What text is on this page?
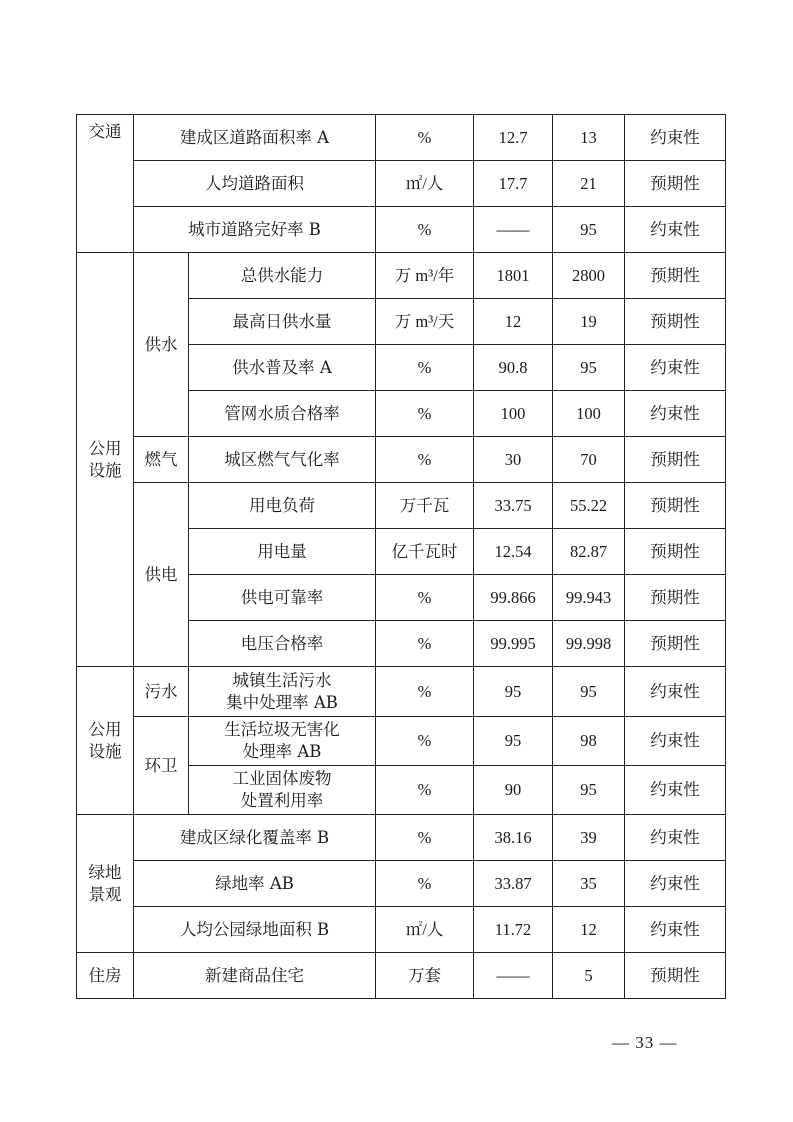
交通	建成区道路面积率 A		%	12.7	13	约束性
	人均道路面积		㎡/人	17.7	21	预期性
	城市道路完好率 B		%	——	95	约束性

公用
设施	供水	总供水能力	万 m³/年	1801	2800	预期性
		最高日供水量	万 m³/天	12	19	预期性
		供水普及率 A	%	90.8	95	约束性
		管网水质合格率	%	100	100	约束性
	燃气	城区燃气气化率	%	30	70	预期性
	供电	用电负荷	万千瓦	33.75	55.22	预期性
		用电量	亿千瓦时	12.54	82.87	预期性
		供电可靠率	%	99.866	99.943	预期性
		电压合格率	%	99.995	99.998	预期性

公用
设施	污水	城镇生活污水
集中处理率 AB	%	95	95	约束性
	环卫	生活垃圾无害化
处理率 AB	%	95	98	约束性

		工业固体废物
处置利用率	%	90	95	约束性

绿地
景观	建成区绿化覆盖率 B		%	38.16	39	约束性
	绿地率 AB		%	33.87	35	约束性
	人均公园绿地面积 B		㎡/人	11.72	12	约束性
住房	新建商品住宅		万套	——	5	预期性
— 33 —
